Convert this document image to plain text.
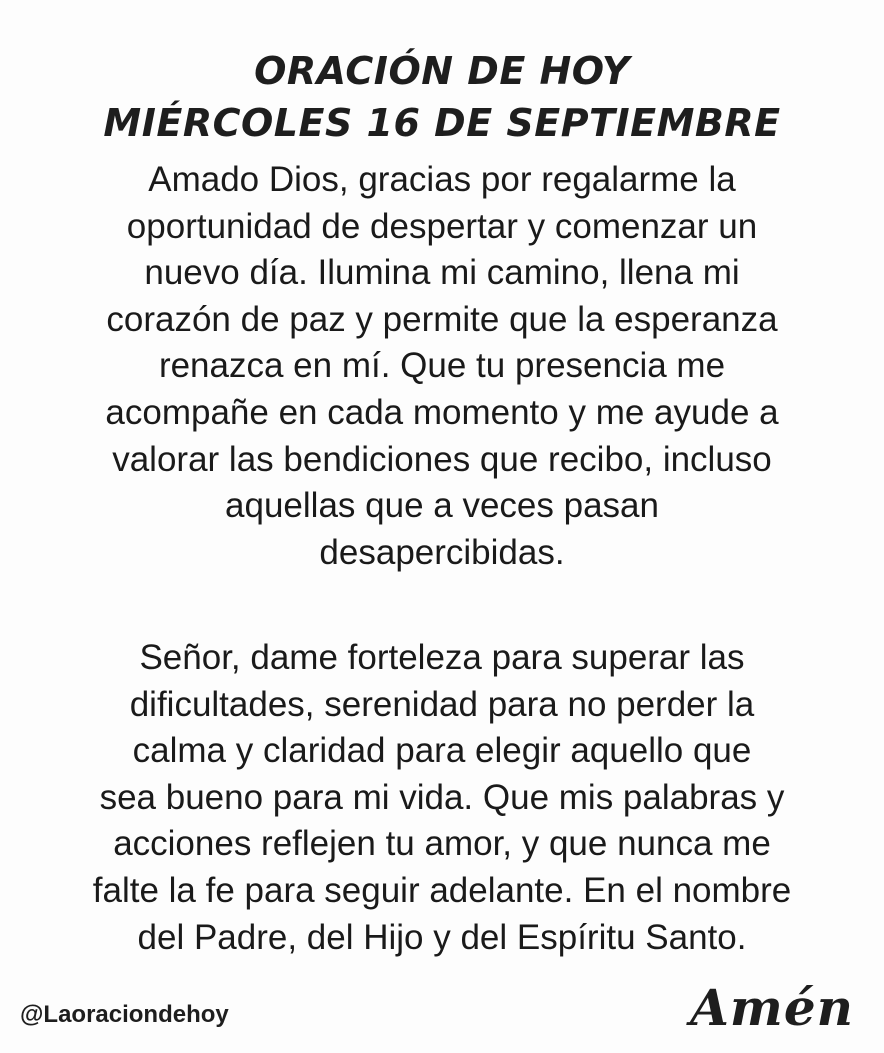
ORACIÓN DE HOY
MIÉRCOLES 16 DE SEPTIEMBRE
Amado Dios, gracias por regalarme la
oportunidad de despertar y comenzar un
nuevo día. Ilumina mi camino, llena mi
corazón de paz y permite que la esperanza
renazca en mí. Que tu presencia me
acompañe en cada momento y me ayude a
valorar las bendiciones que recibo, incluso
aquellas que a veces pasan
desapercibidas.
Señor, dame forteleza para superar las
dificultades, serenidad para no perder la
calma y claridad para elegir aquello que
sea bueno para mi vida. Que mis palabras y
acciones reflejen tu amor, y que nunca me
falte la fe para seguir adelante. En el nombre
del Padre, del Hijo y del Espíritu Santo.
@Laoraciondehoy	Amén
